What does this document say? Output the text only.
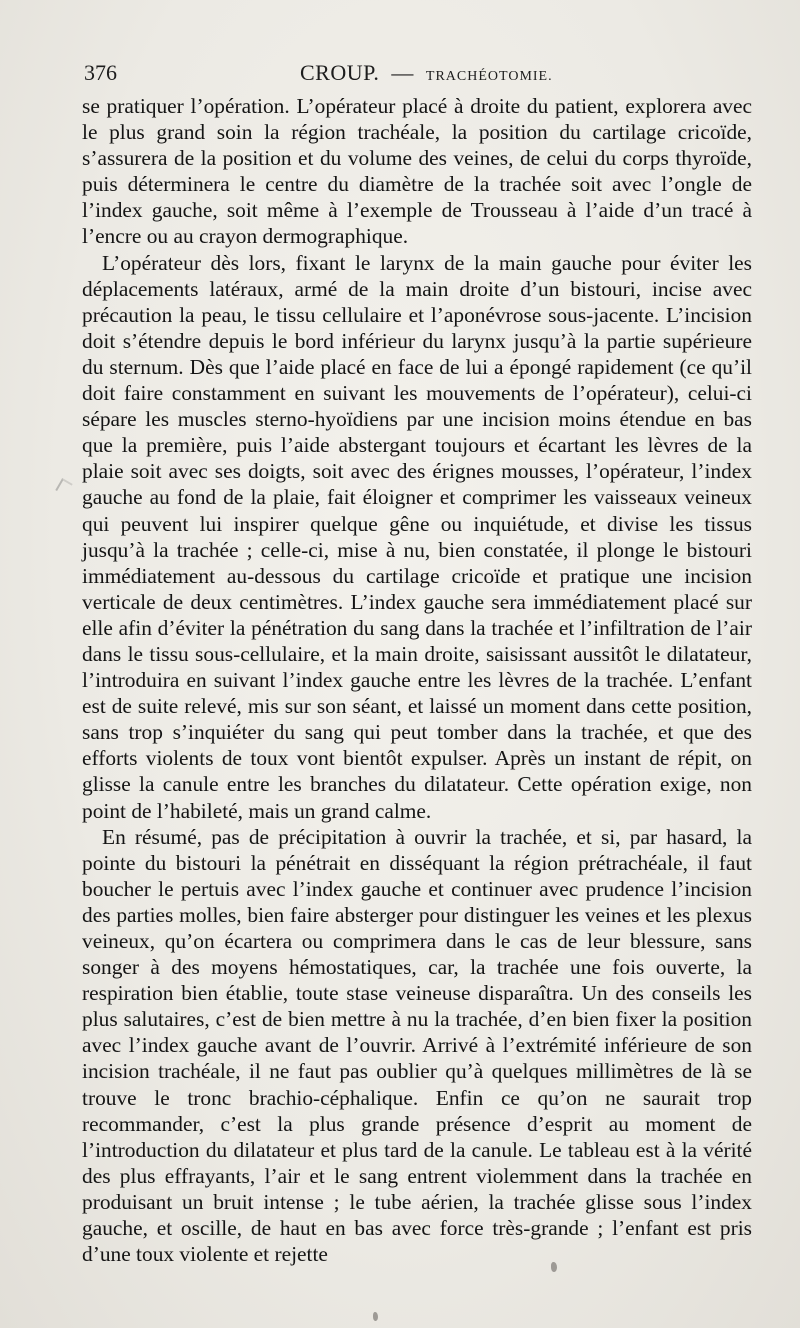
376	CROUP. — TRACHÉOTOMIE.

se pratiquer l’opération. L’opérateur placé à droite du patient, explorera avec le plus grand soin la région trachéale, la position du cartilage cricoïde, s’assurera de la position et du volume des veines, de celui du corps thyroïde, puis déterminera le centre du diamètre de la trachée soit avec l’ongle de l’index gauche, soit même à l’exemple de Trousseau à l’aide d’un tracé à l’encre ou au crayon dermographique.

L’opérateur dès lors, fixant le larynx de la main gauche pour éviter les déplacements latéraux, armé de la main droite d’un bistouri, incise avec précaution la peau, le tissu cellulaire et l’aponévrose sous-jacente. L’incision doit s’étendre depuis le bord inférieur du larynx jusqu’à la partie supérieure du sternum. Dès que l’aide placé en face de lui a épongé rapidement (ce qu’il doit faire constamment en suivant les mouvements de l’opérateur), celui-ci sépare les muscles sterno-hyoïdiens par une incision moins étendue en bas que la première, puis l’aide abstergant toujours et écartant les lèvres de la plaie soit avec ses doigts, soit avec des érignes mousses, l’opérateur, l’index gauche au fond de la plaie, fait éloigner et comprimer les vaisseaux veineux qui peuvent lui inspirer quelque gêne ou inquiétude, et divise les tissus jusqu’à la trachée ; celle-ci, mise à nu, bien constatée, il plonge le bistouri immédiatement au-dessous du cartilage cricoïde et pratique une incision verticale de deux centimètres. L’index gauche sera immédiatement placé sur elle afin d’éviter la pénétration du sang dans la trachée et l’infiltration de l’air dans le tissu sous-cellulaire, et la main droite, saisissant aussitôt le dilatateur, l’introduira en suivant l’index gauche entre les lèvres de la trachée. L’enfant est de suite relevé, mis sur son séant, et laissé un moment dans cette position, sans trop s’inquiéter du sang qui peut tomber dans la trachée, et que des efforts violents de toux vont bientôt expulser. Après un instant de répit, on glisse la canule entre les branches du dilatateur. Cette opération exige, non point de l’habileté, mais un grand calme.

En résumé, pas de précipitation à ouvrir la trachée, et si, par hasard, la pointe du bistouri la pénétrait en disséquant la région prétrachéale, il faut boucher le pertuis avec l’index gauche et continuer avec prudence l’incision des parties molles, bien faire absterger pour distinguer les veines et les plexus veineux, qu’on écartera ou comprimera dans le cas de leur blessure, sans songer à des moyens hémostatiques, car, la trachée une fois ouverte, la respiration bien établie, toute stase veineuse disparaîtra. Un des conseils les plus salutaires, c’est de bien mettre à nu la trachée, d’en bien fixer la position avec l’index gauche avant de l’ouvrir. Arrivé à l’extrémité inférieure de son incision trachéale, il ne faut pas oublier qu’à quelques millimètres de là se trouve le tronc brachio-céphalique. Enfin ce qu’on ne saurait trop recommander, c’est la plus grande présence d’esprit au moment de l’introduction du dilatateur et plus tard de la canule. Le tableau est à la vérité des plus effrayants, l’air et le sang entrent violemment dans la trachée en produisant un bruit intense ; le tube aérien, la trachée glisse sous l’index gauche, et oscille, de haut en bas avec force très-grande ; l’enfant est pris d’une toux violente et rejette
